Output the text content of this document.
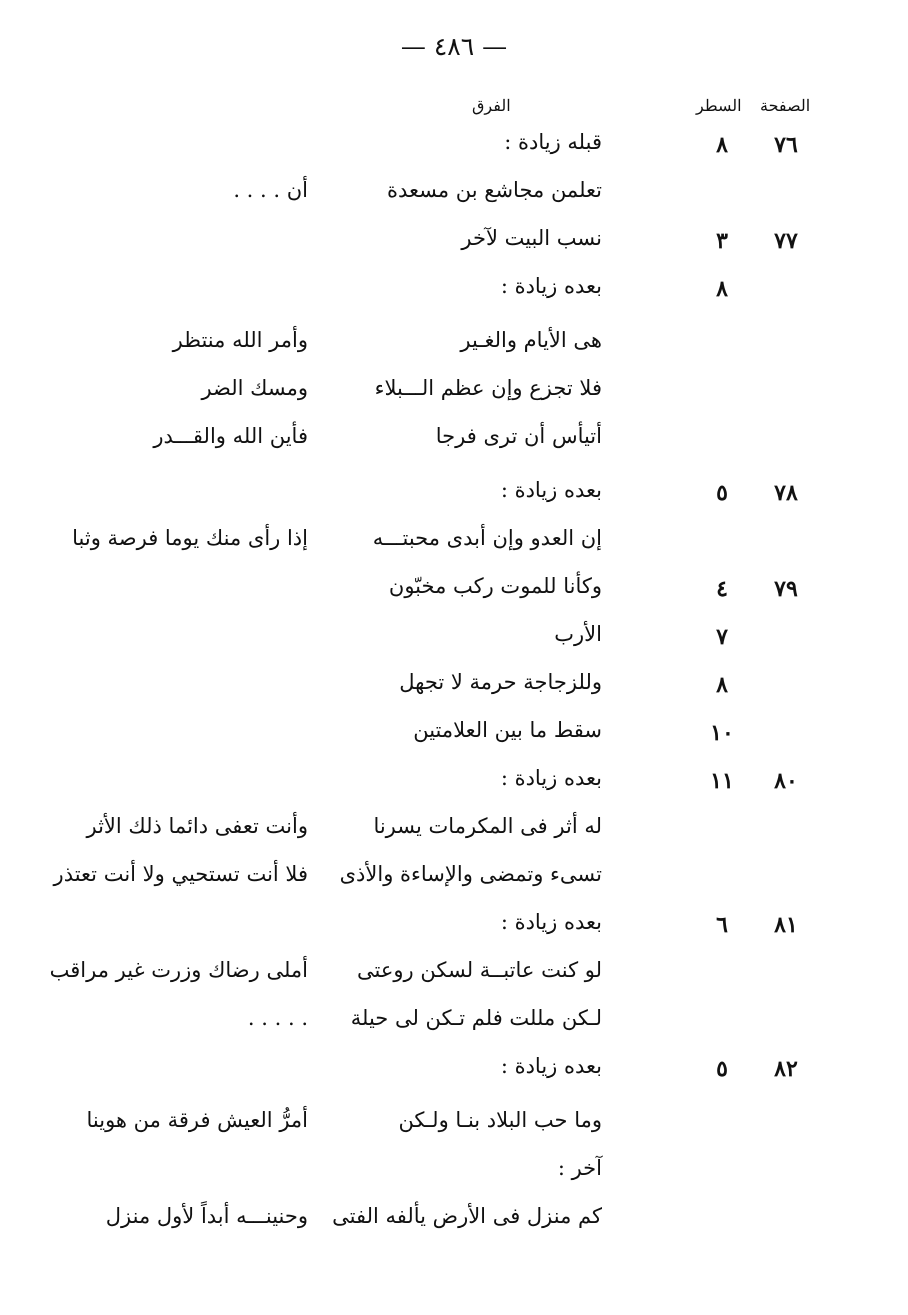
— ٤٨٦ —
الصفحة
السطر
الفرق
٧٦
٨
قبله زيادة :
تعلمن مجاشع بن مسعدة
أن . . . .
٧٧
٣
نسب البيت لآخر
٨
بعده زيادة :
هى الأيام والغـير
وأمر الله منتظر
فلا تجزع وإن عظم الـــبلاء
ومسك الضر
أتيأس أن ترى فرجا
فأين الله والقـــدر
٧٨
٥
بعده زيادة :
إن العدو وإن أبدى محبتـــه
إذا رأى منك يوما فرصة وثبا
٧٩
٤
وكأنا للموت ركب مخبّون
٧
الأرب
٨
وللزجاجة حرمة لا تجهل
١٠
سقط ما بين العلامتين
٨٠
١١
بعده زيادة :
له أثر فى المكرمات يسرنا
وأنت تعفى دائما ذلك الأثر
تسىء وتمضى والإساءة والأذى
فلا أنت تستحيي ولا أنت تعتذر
٨١
٦
بعده زيادة :
لو كنت عاتبــة لسكن روعتى
أملى رضاك وزرت غير مراقب
لـكن مللت فلم تـكن لى حيلة
. . . . .
٨٢
٥
بعده زيادة :
وما حب البلاد بنـا ولـكن
أمرُّ العيش فرقة من هوينا
آخر :
كم منزل فى الأرض يألفه الفتى
وحنينـــه أبداً لأول منزل
